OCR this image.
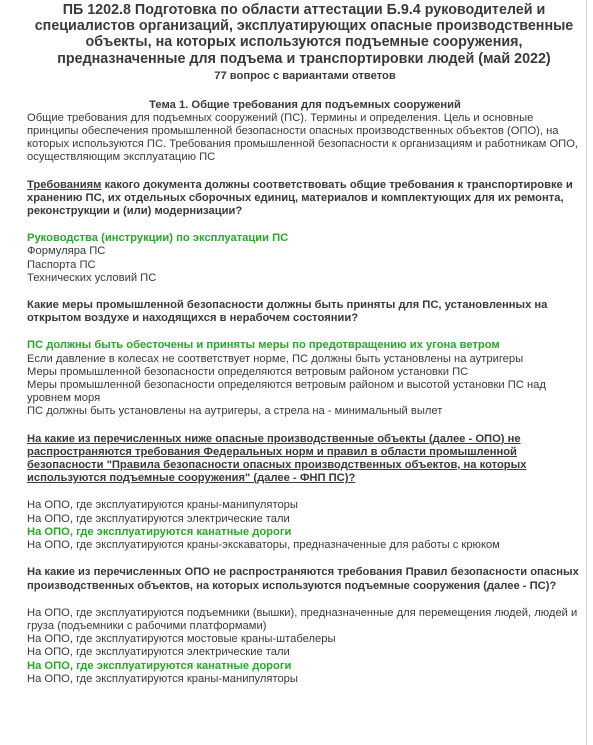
ПБ 1202.8 Подготовка по области аттестации Б.9.4 руководителей и специалистов организаций, эксплуатирующих опасные производственные объекты, на которых используются подъемные сооружения, предназначенные для подъема и транспортировки людей (май 2022)
77 вопрос с вариантами ответов
Тема 1. Общие требования для подъемных сооружений

Общие требования для подъемных сооружений (ПС). Термины и определения. Цель и основные принципы обеспечения промышленной безопасности опасных производственных объектов (ОПО), на которых используются ПС. Требования промышленной безопасности к организациям и работникам ОПО, осуществляющим эксплуатацию ПС

Требованиям какого документа должны соответствовать общие требования к транспортировке и хранению ПС, их отдельных сборочных единиц, материалов и комплектующих для их ремонта, реконструкции и (или) модернизации?

Руководства (инструкции) по эксплуатации ПС

Формуляра ПС

Паспорта ПС

Технических условий ПС

Какие меры промышленной безопасности должны быть приняты для ПС, установленных на открытом воздухе и находящихся в нерабочем состоянии?

ПС должны быть обесточены и приняты меры по предотвращению их угона ветром

Если давление в колесах не соответствует норме, ПС должны быть установлены на аутригеры

Меры промышленной безопасности определяются ветровым районом установки ПС

Меры промышленной безопасности определяются ветровым районом и высотой установки ПС над уровнем моря

ПС должны быть установлены на аутригеры, а стрела на - минимальный вылет

На какие из перечисленных ниже опасные производственные объекты (далее - ОПО) не распространяются требования Федеральных норм и правил в области промышленной безопасности "Правила безопасности опасных производственных объектов, на которых используются подъемные сооружения" (далее - ФНП ПС)?

На ОПО, где эксплуатируются краны-манипуляторы

На ОПО, где эксплуатируются электрические тали

На ОПО, где эксплуатируются канатные дороги

На ОПО, где эксплуатируются краны-экскаваторы, предназначенные для работы с крюком

На какие из перечисленных ОПО не распространяются требования Правил безопасности опасных производственных объектов, на которых используются подъемные сооружения (далее - ПС)?

На ОПО, где эксплуатируются подъемники (вышки), предназначенные для перемещения людей, людей и груза (подъемники с рабочими платформами)

На ОПО, где эксплуатируются мостовые краны-штабелеры

На ОПО, где эксплуатируются электрические тали

На ОПО, где эксплуатируются канатные дороги

На ОПО, где эксплуатируются краны-манипуляторы
